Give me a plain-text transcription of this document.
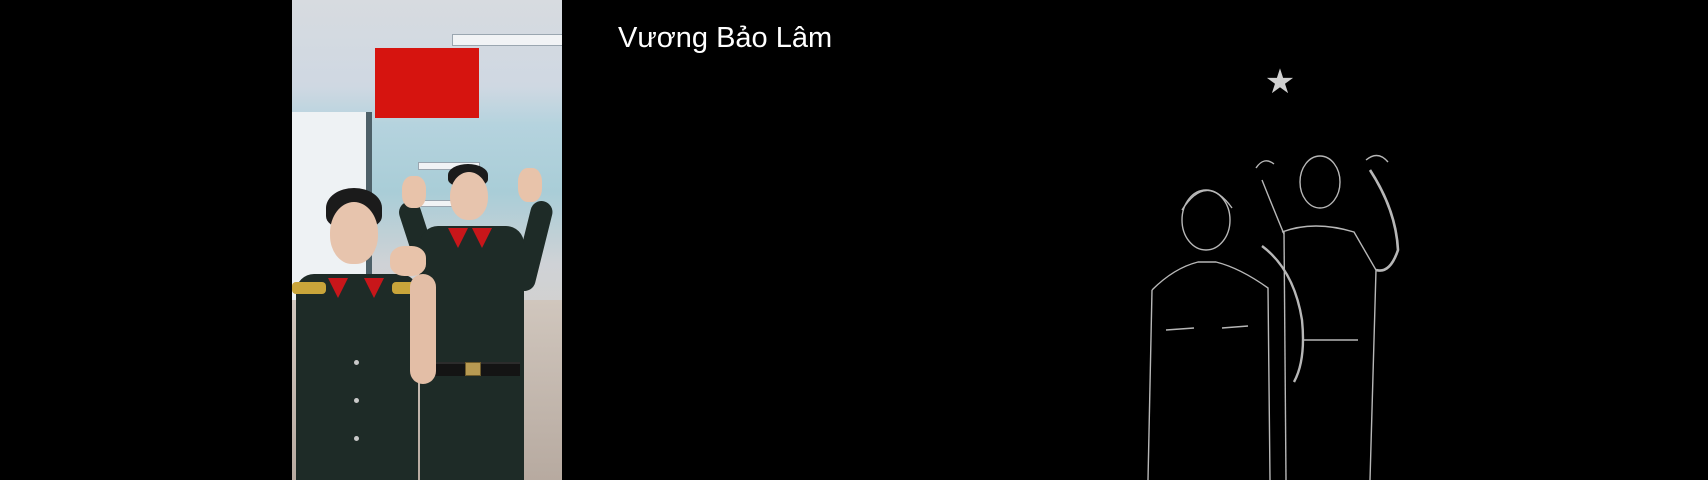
Vương Bảo Lâm
★
